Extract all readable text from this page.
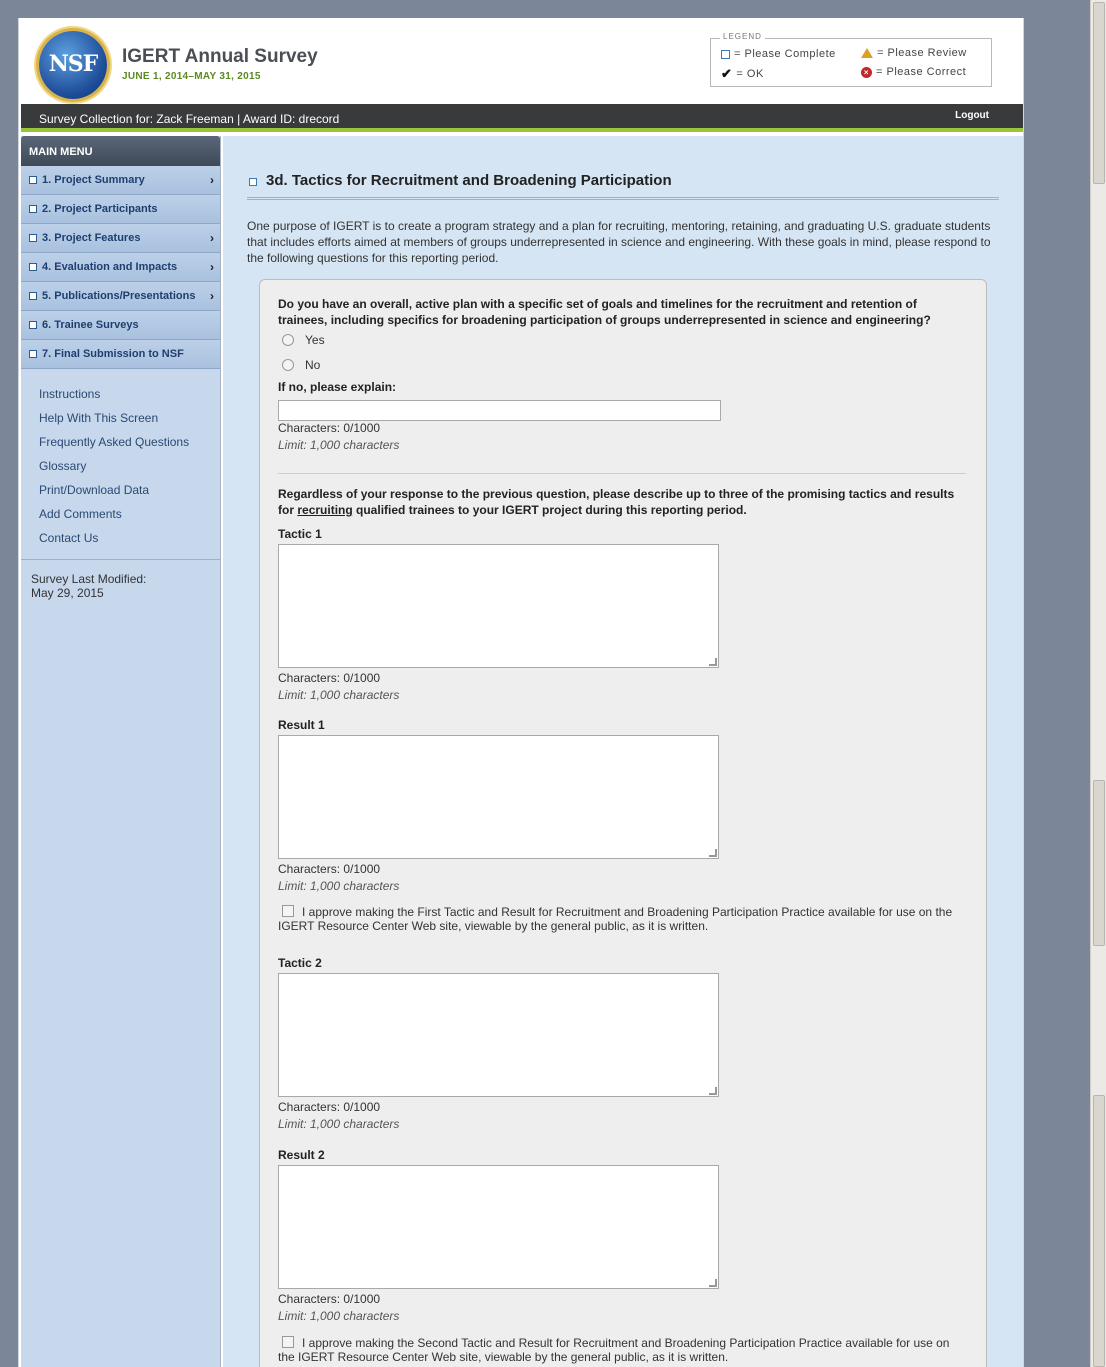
NSF	IGERT Annual Survey
JUNE 1, 2014–MAY 31, 2015
LEGEND
= Please Complete	= Please Review
✔ = OK	× = Please Correct
Survey Collection for: Zack Freeman | Award ID: drecord	Logout
MAIN MENU
1. Project Summary	›
2. Project Participants
3. Project Features	›
4. Evaluation and Impacts	›
5. Publications/Presentations ›
6. Trainee Surveys
7. Final Submission to NSF
Instructions
Help With This Screen
Frequently Asked Questions
Glossary
Print/Download Data
Add Comments
Contact Us
Survey Last Modified:
May 29, 2015
3d. Tactics for Recruitment and Broadening Participation
One purpose of IGERT is to create a program strategy and a plan for recruiting, mentoring, retaining, and graduating U.S. graduate students that includes efforts aimed at members of groups underrepresented in science and engineering. With these goals in mind, please respond to the following questions for this reporting period.
Do you have an overall, active plan with a specific set of goals and timelines for the recruitment and retention of trainees, including specifics for broadening participation of groups underrepresented in science and engineering?
Yes
No
If no, please explain:
Characters: 0/1000
Limit: 1,000 characters
Regardless of your response to the previous question, please describe up to three of the promising tactics and results for recruiting qualified trainees to your IGERT project during this reporting period.
Tactic 1
Characters: 0/1000
Limit: 1,000 characters
Result 1
Characters: 0/1000
Limit: 1,000 characters
I approve making the First Tactic and Result for Recruitment and Broadening Participation Practice available for use on the IGERT Resource Center Web site, viewable by the general public, as it is written.
Tactic 2
Characters: 0/1000
Limit: 1,000 characters
Result 2
Characters: 0/1000
Limit: 1,000 characters
I approve making the Second Tactic and Result for Recruitment and Broadening Participation Practice available for use on the IGERT Resource Center Web site, viewable by the general public, as it is written.
